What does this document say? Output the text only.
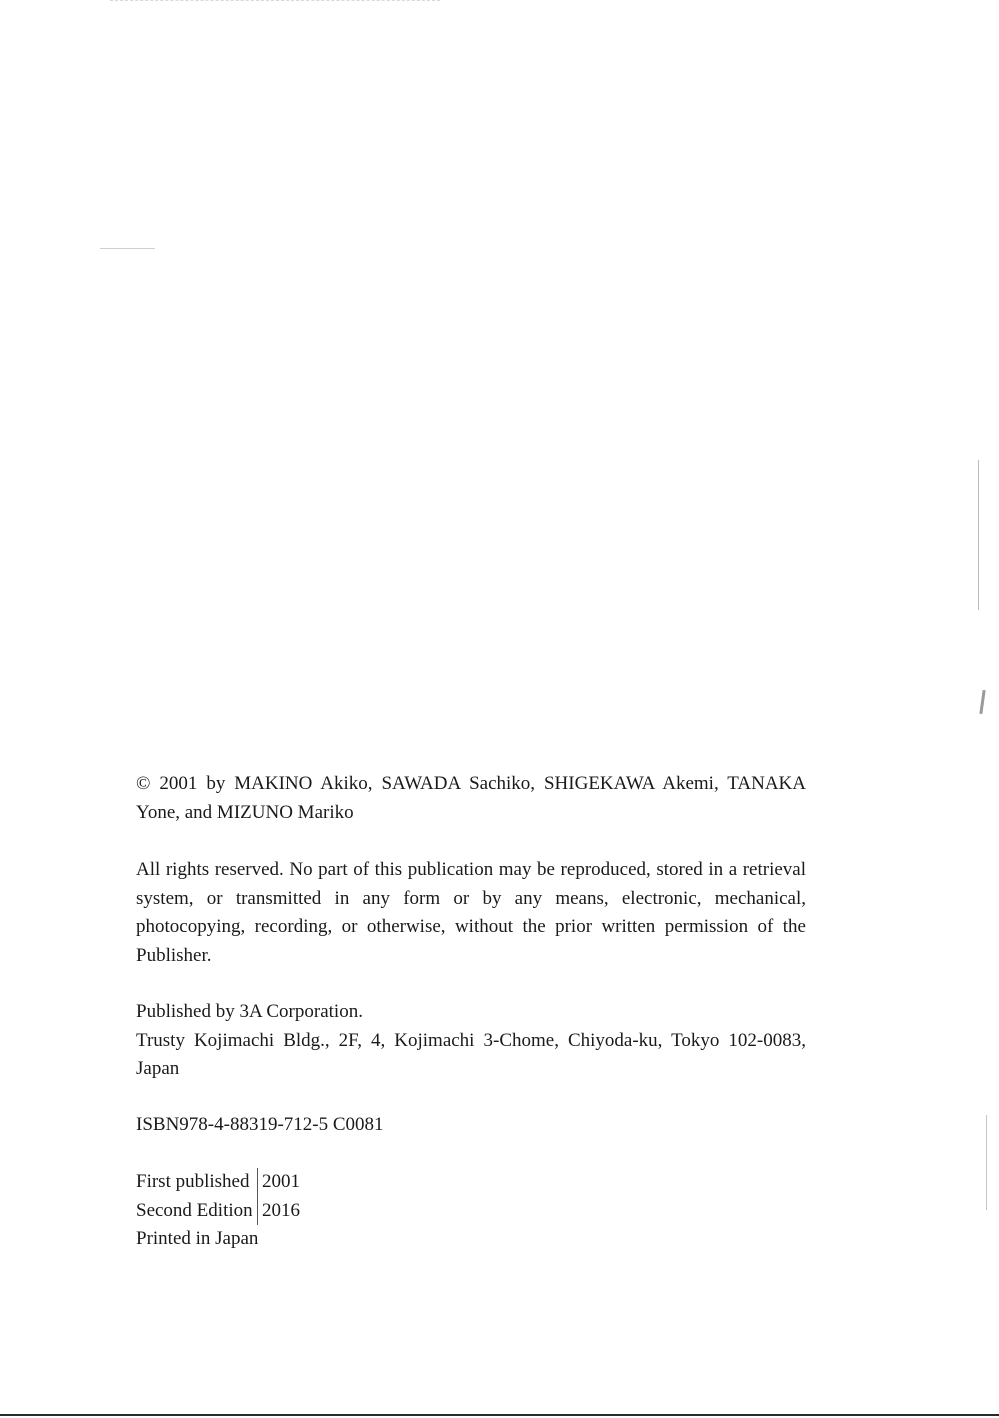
© 2001 by MAKINO Akiko, SAWADA Sachiko, SHIGEKAWA Akemi, TANAKA Yone, and MIZUNO Mariko

All rights reserved. No part of this publication may be reproduced, stored in a retrieval system, or transmitted in any form or by any means, electronic, mechanical, photocopying, recording, or otherwise, without the prior written permission of the Publisher.

Published by 3A Corporation.

Trusty Kojimachi Bldg., 2F, 4, Kojimachi 3-Chome, Chiyoda-ku, Tokyo 102-0083, Japan

ISBN978-4-88319-712-5 C0081

First published 2001
Second Edition 2016

Printed in Japan
